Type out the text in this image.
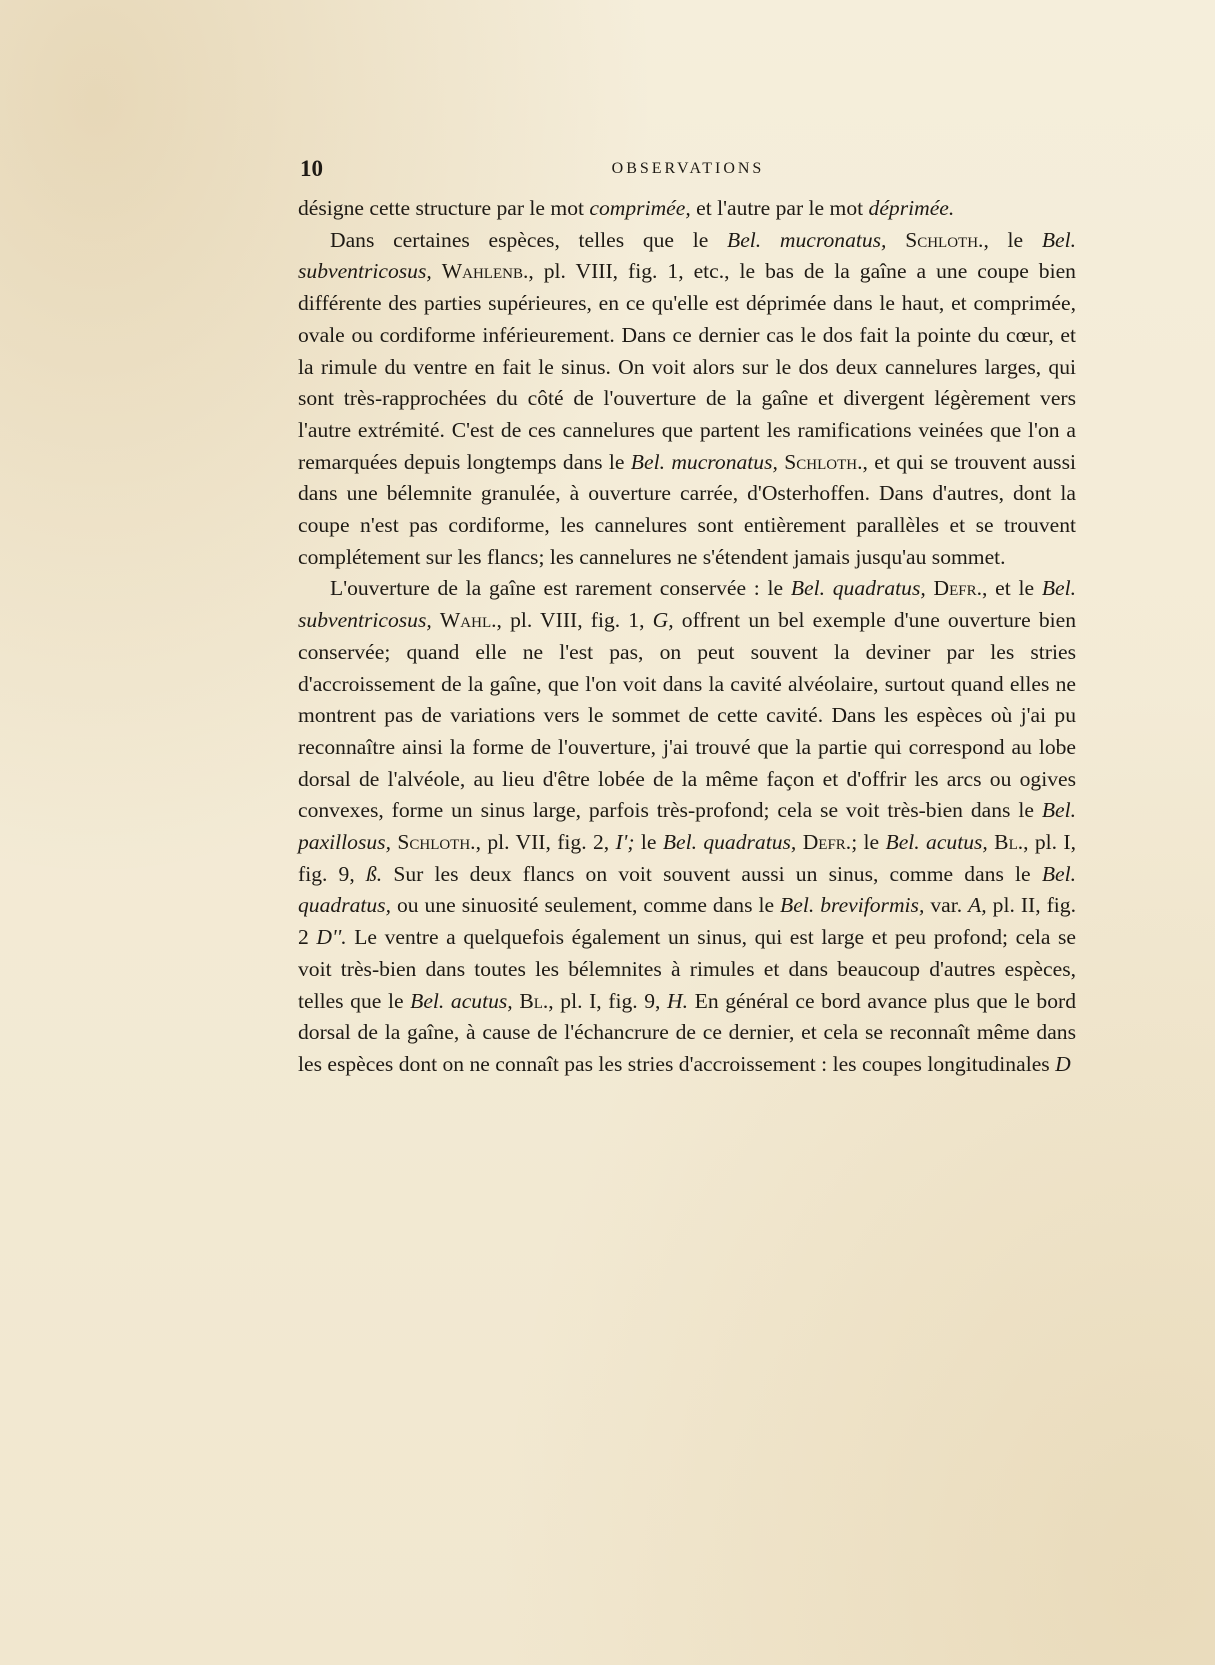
10	OBSERVATIONS

désigne cette structure par le mot comprimée, et l'autre par le mot déprimée.

Dans certaines espèces, telles que le Bel. mucronatus, Schloth., le Bel. subventricosus, Wahlenb., pl. VIII, fig. 1, etc., le bas de la gaîne a une coupe bien différente des parties supérieures, en ce qu'elle est déprimée dans le haut, et comprimée, ovale ou cordiforme inférieurement. Dans ce dernier cas le dos fait la pointe du cœur, et la rimule du ventre en fait le sinus. On voit alors sur le dos deux cannelures larges, qui sont très-rapprochées du côté de l'ouverture de la gaîne et divergent légèrement vers l'autre extrémité. C'est de ces cannelures que partent les ramifications veinées que l'on a remarquées depuis longtemps dans le Bel. mucronatus, Schloth., et qui se trouvent aussi dans une bélemnite granulée, à ouverture carrée, d'Osterhoffen. Dans d'autres, dont la coupe n'est pas cordiforme, les cannelures sont entièrement parallèles et se trouvent complétement sur les flancs; les cannelures ne s'étendent jamais jusqu'au sommet.

L'ouverture de la gaîne est rarement conservée : le Bel. quadratus, Defr., et le Bel. subventricosus, Wahl., pl. VIII, fig. 1, G, offrent un bel exemple d'une ouverture bien conservée; quand elle ne l'est pas, on peut souvent la deviner par les stries d'accroissement de la gaîne, que l'on voit dans la cavité alvéolaire, surtout quand elles ne montrent pas de variations vers le sommet de cette cavité. Dans les espèces où j'ai pu reconnaître ainsi la forme de l'ouverture, j'ai trouvé que la partie qui correspond au lobe dorsal de l'alvéole, au lieu d'être lobée de la même façon et d'offrir les arcs ou ogives convexes, forme un sinus large, parfois très-profond; cela se voit très-bien dans le Bel. paxillosus, Schloth., pl. VII, fig. 2, I'; le Bel. quadratus, Defr.; le Bel. acutus, Bl., pl. I, fig. 9, ß. Sur les deux flancs on voit souvent aussi un sinus, comme dans le Bel. quadratus, ou une sinuosité seulement, comme dans le Bel. breviformis, var. A, pl. II, fig. 2 D''. Le ventre a quelquefois également un sinus, qui est large et peu profond; cela se voit très-bien dans toutes les bélemnites à rimules et dans beaucoup d'autres espèces, telles que le Bel. acutus, Bl., pl. I, fig. 9, H. En général ce bord avance plus que le bord dorsal de la gaîne, à cause de l'échancrure de ce dernier, et cela se reconnaît même dans les espèces dont on ne connaît pas les stries d'accroissement : les coupes longitudinales D
